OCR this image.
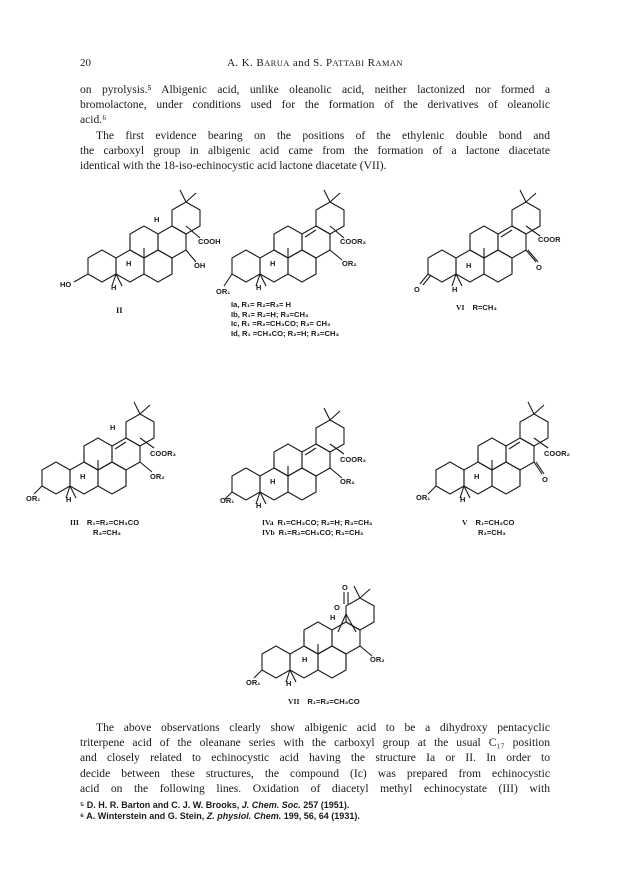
20	A. K. BARUA and S. PATTABI RAMAN
on pyrolysis.⁵ Albigenic acid, unlike oleanolic acid, neither lactonized nor formed a
bromolactone, under conditions used for the formation of the derivatives of oleanolic
acid.⁶
The first evidence bearing on the positions of the ethylenic double bond and
the carboxyl group in albigenic acid came from the formation of a lactone diacetate
identical with the 18-iso-echinocystic acid lactone diacetate (VII).
COOH
OH
HO
H
H
H
II
COOR₃
OR₂
OR₁
H
H
COOR
O
O
H
H
COOR₃
OR₂
OR₁
H
H
H
COOR₃
OR₂
OR₁
H
H
COOR₂
O
OR₁
H
H
O
O
OR₂
OR₁
H
H
H
Ia, R₁= R₂=R₃= H
Ib, R₁= R₂=H; R₃=CH₃
Ic, R₁ =R₂=CH₃CO; R₃= CH₃
Id, R₁ =CH₃CO; R₂=H; R₃=CH₃
VI R=CH₃
III R₁=R₂=CH₃CO
R₃=CH₃
IVa R₁=CH₃CO; R₂=H; R₃=CH₃
IVb R₁=R₂=CH₃CO; R₃=CH₃
V R₁=CH₃CO
R₂=CH₃
VII R₁=R₂=CH₃CO
The above observations clearly show albigenic acid to be a dihydroxy pentacyclic
triterpene acid of the oleanane series with the carboxyl group at the usual C₁₇ position
and closely related to echinocystic acid having the structure Ia or II. In order to
decide between these structures, the compound (Ic) was prepared from echinocystic
acid on the following lines. Oxidation of diacetyl methyl echinocystate (III) with
⁵ D. H. R. Barton and C. J. W. Brooks, J. Chem. Soc. 257 (1951).
⁶ A. Winterstein and G. Stein, Z. physiol. Chem. 199, 56, 64 (1931).
